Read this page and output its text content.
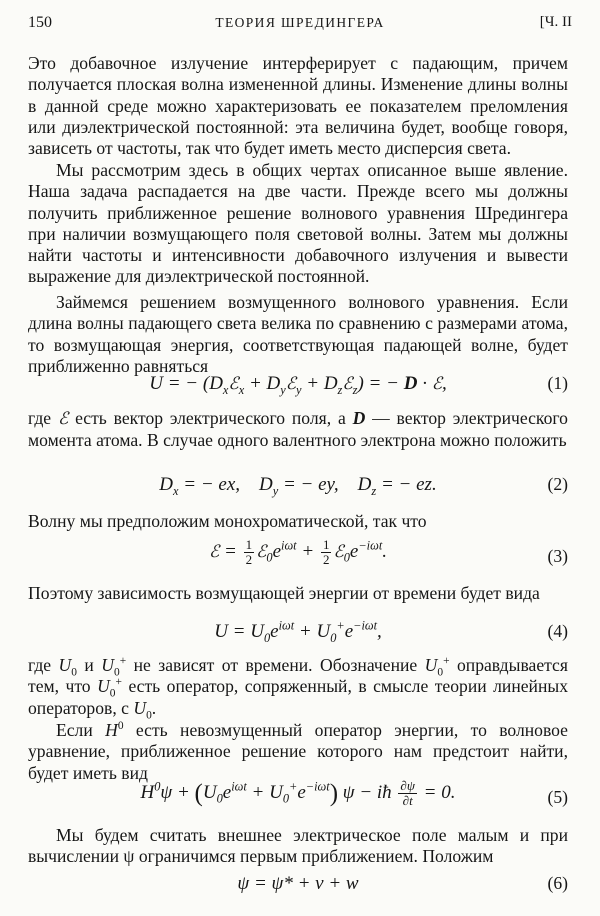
150	ТЕОРИЯ ШРЕДИНГЕРА	[Ч. II

Это добавочное излучение интерферирует с падающим, причем получается плоская волна измененной длины. Изменение длины волны в данной среде можно характеризовать ее показателем преломления или диэлектрической постоянной: эта величина будет, вообще говоря, зависеть от частоты, так что будет иметь место дисперсия света.

Мы рассмотрим здесь в общих чертах описанное выше явление. Наша задача распадается на две части. Прежде всего мы должны получить приближенное решение волнового уравнения Шредингера при наличии возмущающего поля световой волны. Затем мы должны найти частоты и интенсивности добавочного излучения и вывести выражение для диэлектрической постоянной.

Займемся решением возмущенного волнового уравнения. Если длина волны падающего света велика по сравнению с размерами атома, то возмущающая энергия, соответствующая падающей волне, будет приближенно равняться

U = − ($D_xℰ_x$ + $D_yℰ_y$ + $D_zℰ_z$) = − D · ℰ,	(1)

где ℰ есть вектор электрического поля, а D — вектор электрического момента атома. В случае одного валентного электрона можно положить

$D_x$ = − ex,    $D_y$ = − ey,    $D_z$ = − ez.	(2)

Волну мы предположим монохроматической, так что

ℰ = $\frac{1}{2}$ $ℰ_0e^{i\omega t} + \frac{1}{2}$ $ℰ_0e^{-i\omega t}$.	(3)

Поэтому зависимость возмущающей энергии от времени будет вида

$U = U_0e^{i\omega t} + U_0^+e^{-i\omega t}$,	(4)

где $U_0$ и $U_0^+$ не зависят от времени. Обозначение $U_0^+$ оправдывается тем, что $U_0^+$ есть оператор, сопряженный, в смысле теории линейных операторов, с $U_0$.

Если $H^0$ есть невозмущенный оператор энергии, то волновое уравнение, приближенное решение которого нам предстоит найти, будет иметь вид

$H^0\psi + (U_0e^{i\omega t} + U_0^+e^{-i\omega t}) \psi$ − iħ $\frac{\partial\psi}{\partial t} = 0$.	(5)

Мы будем считать внешнее электрическое поле малым и при вычислении ψ ограничимся первым приближением. Положим

ψ = ψ* + v + w	(6)
